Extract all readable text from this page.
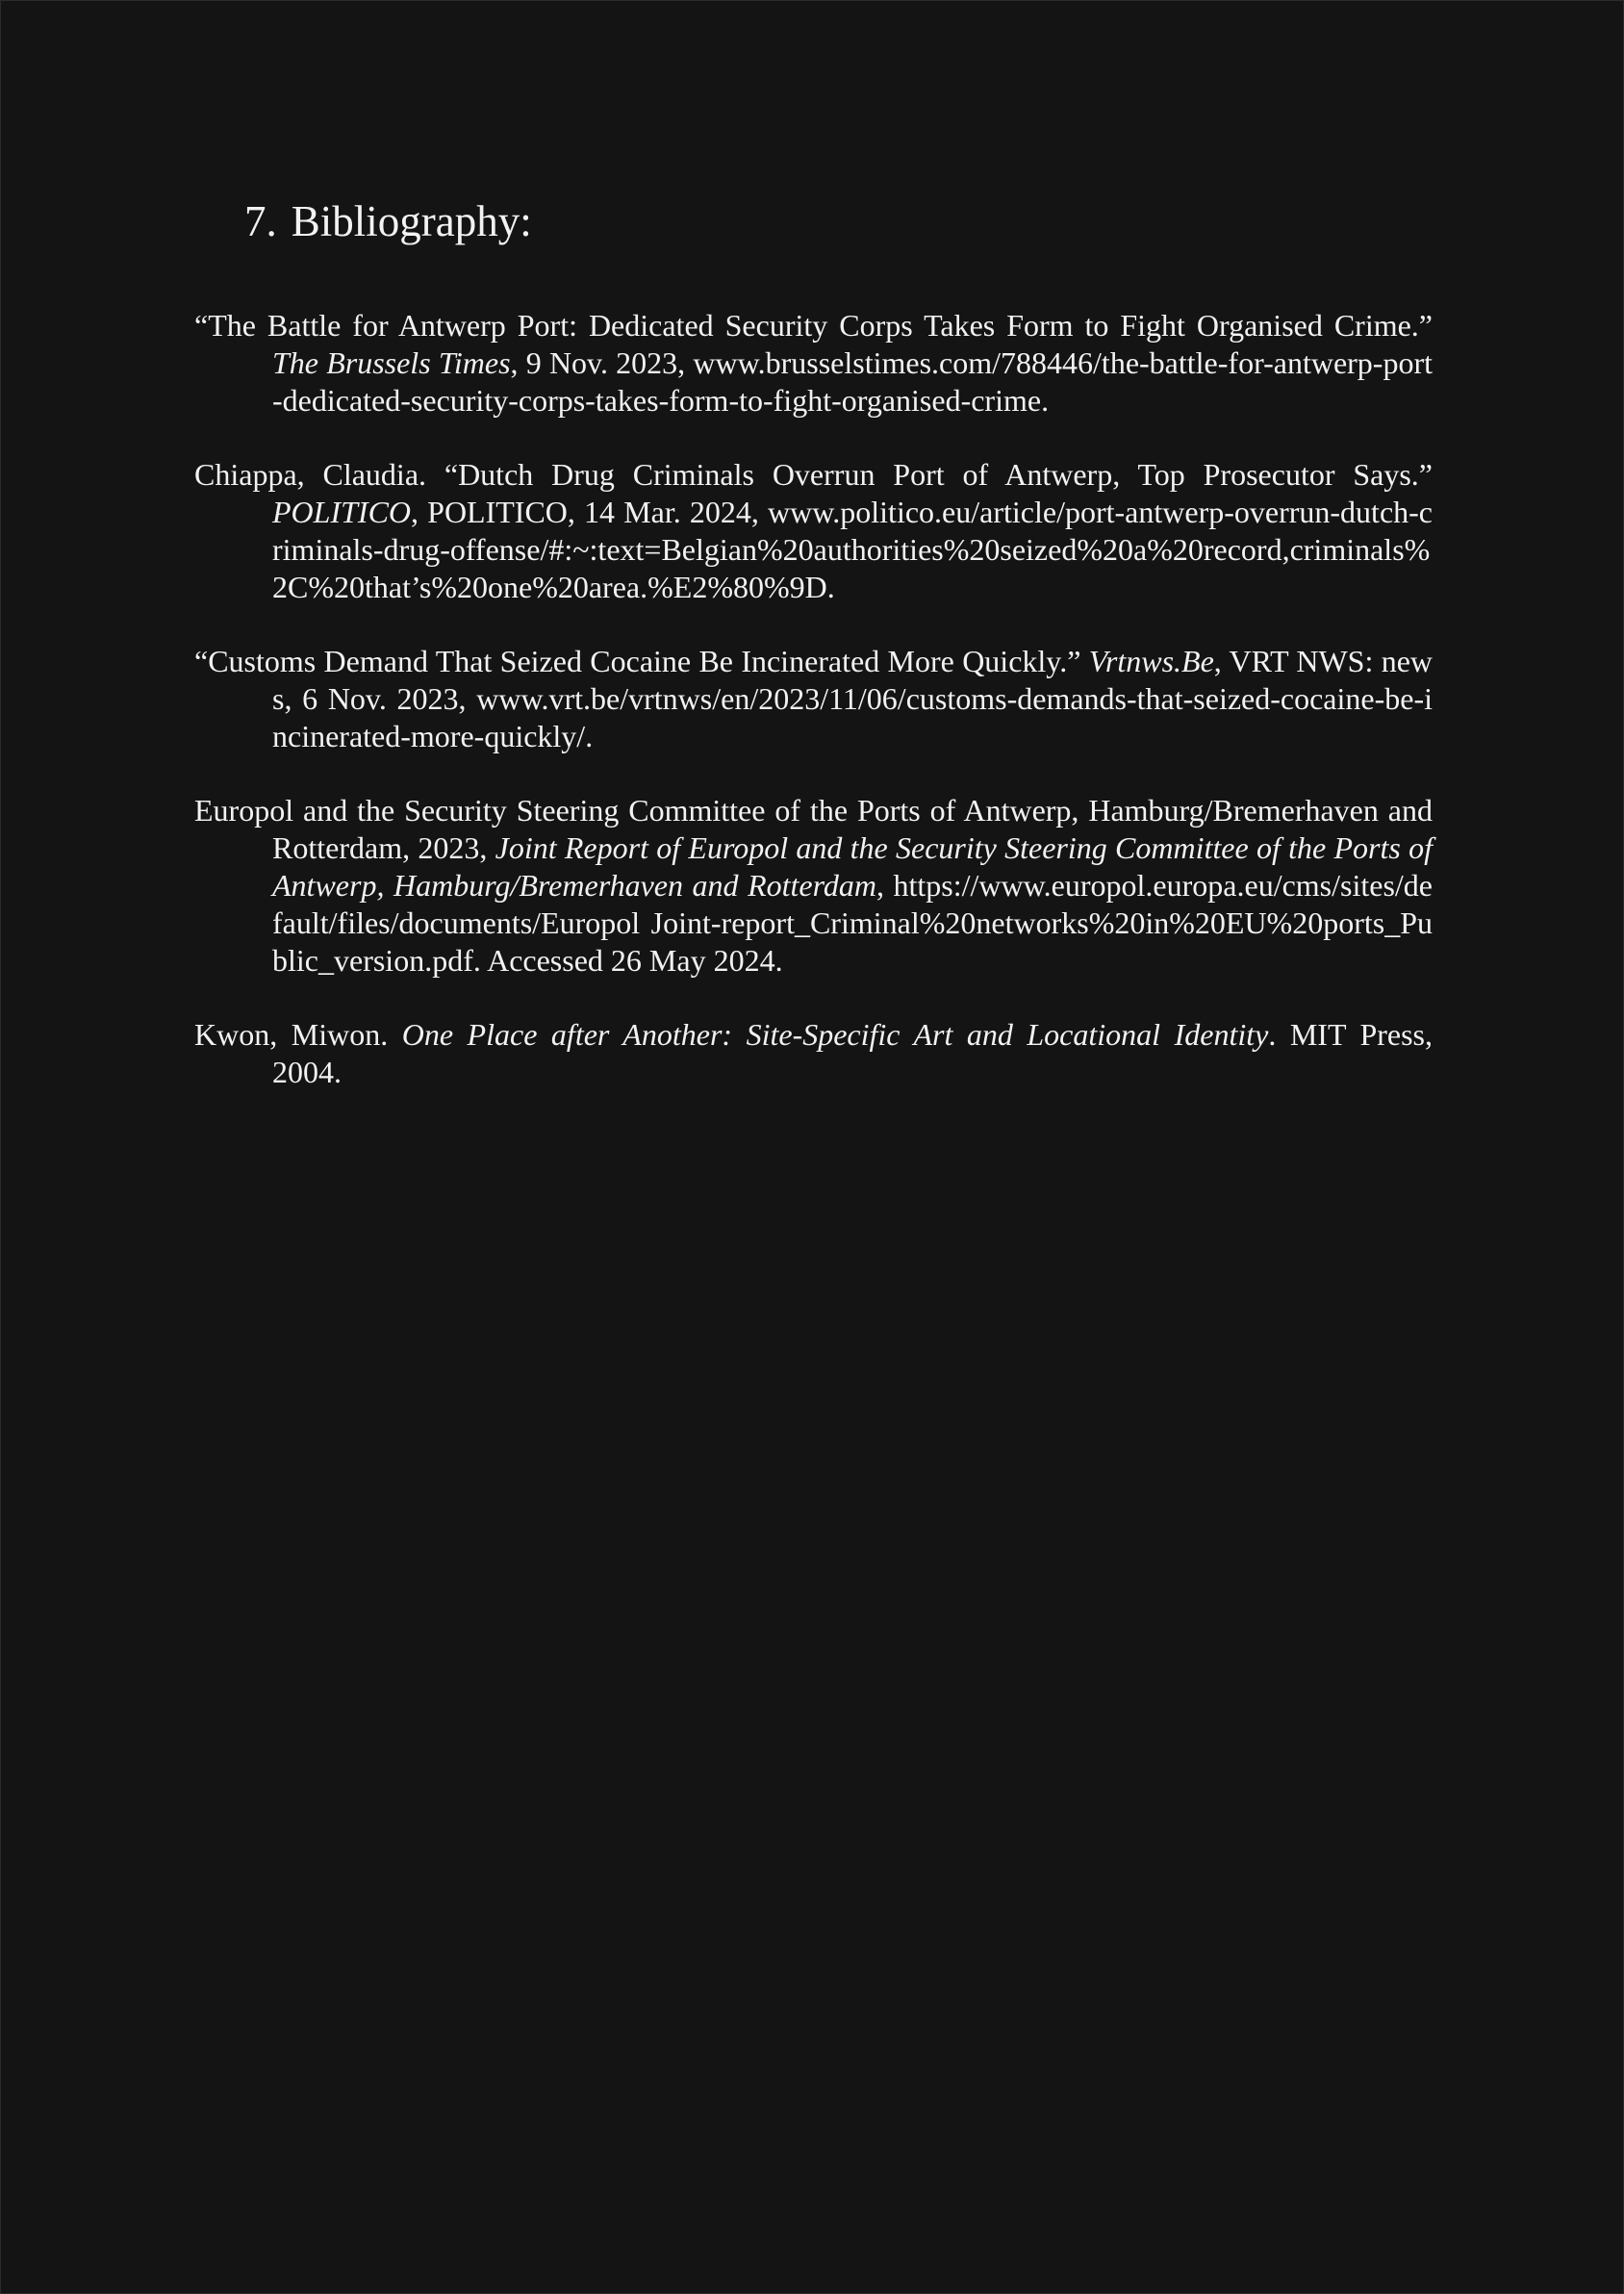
7. Bibliography:
“The Battle for Antwerp Port: Dedicated Security Corps Takes Form to Fight Organised Crime.” The Brussels Times, 9 Nov. 2023, www.brusselstimes.com/788446/the-battle-for-antwerp-port-dedicated-security-corps-takes-form-to-fight-organised-crime.
Chiappa, Claudia. “Dutch Drug Criminals Overrun Port of Antwerp, Top Prosecutor Says.” POLITICO, POLITICO, 14 Mar. 2024, www.politico.eu/article/port-antwerp-overrun-dutch-criminals-drug-offense/#:~:text=Belgian%20authorities%20seized%20a%20record,criminals%2C%20that’s%20one%20area.%E2%80%9D.
“Customs Demand That Seized Cocaine Be Incinerated More Quickly.” Vrtnws.Be, VRT NWS: news, 6 Nov. 2023, www.vrt.be/vrtnws/en/2023/11/06/customs-demands-that-seized-cocaine-be-incinerated-more-quickly/.
Europol and the Security Steering Committee of the Ports of Antwerp, Hamburg/Bremerhaven and Rotterdam, 2023, Joint Report of Europol and the Security Steering Committee of the Ports of Antwerp, Hamburg/Bremerhaven and Rotterdam, https://www.europol.europa.eu/cms/sites/default/files/documents/Europol Joint-report_Criminal%20networks%20in%20EU%20ports_Public_version.pdf. Accessed 26 May 2024.
Kwon, Miwon. One Place after Another: Site-Specific Art and Locational Identity. MIT Press, 2004.
